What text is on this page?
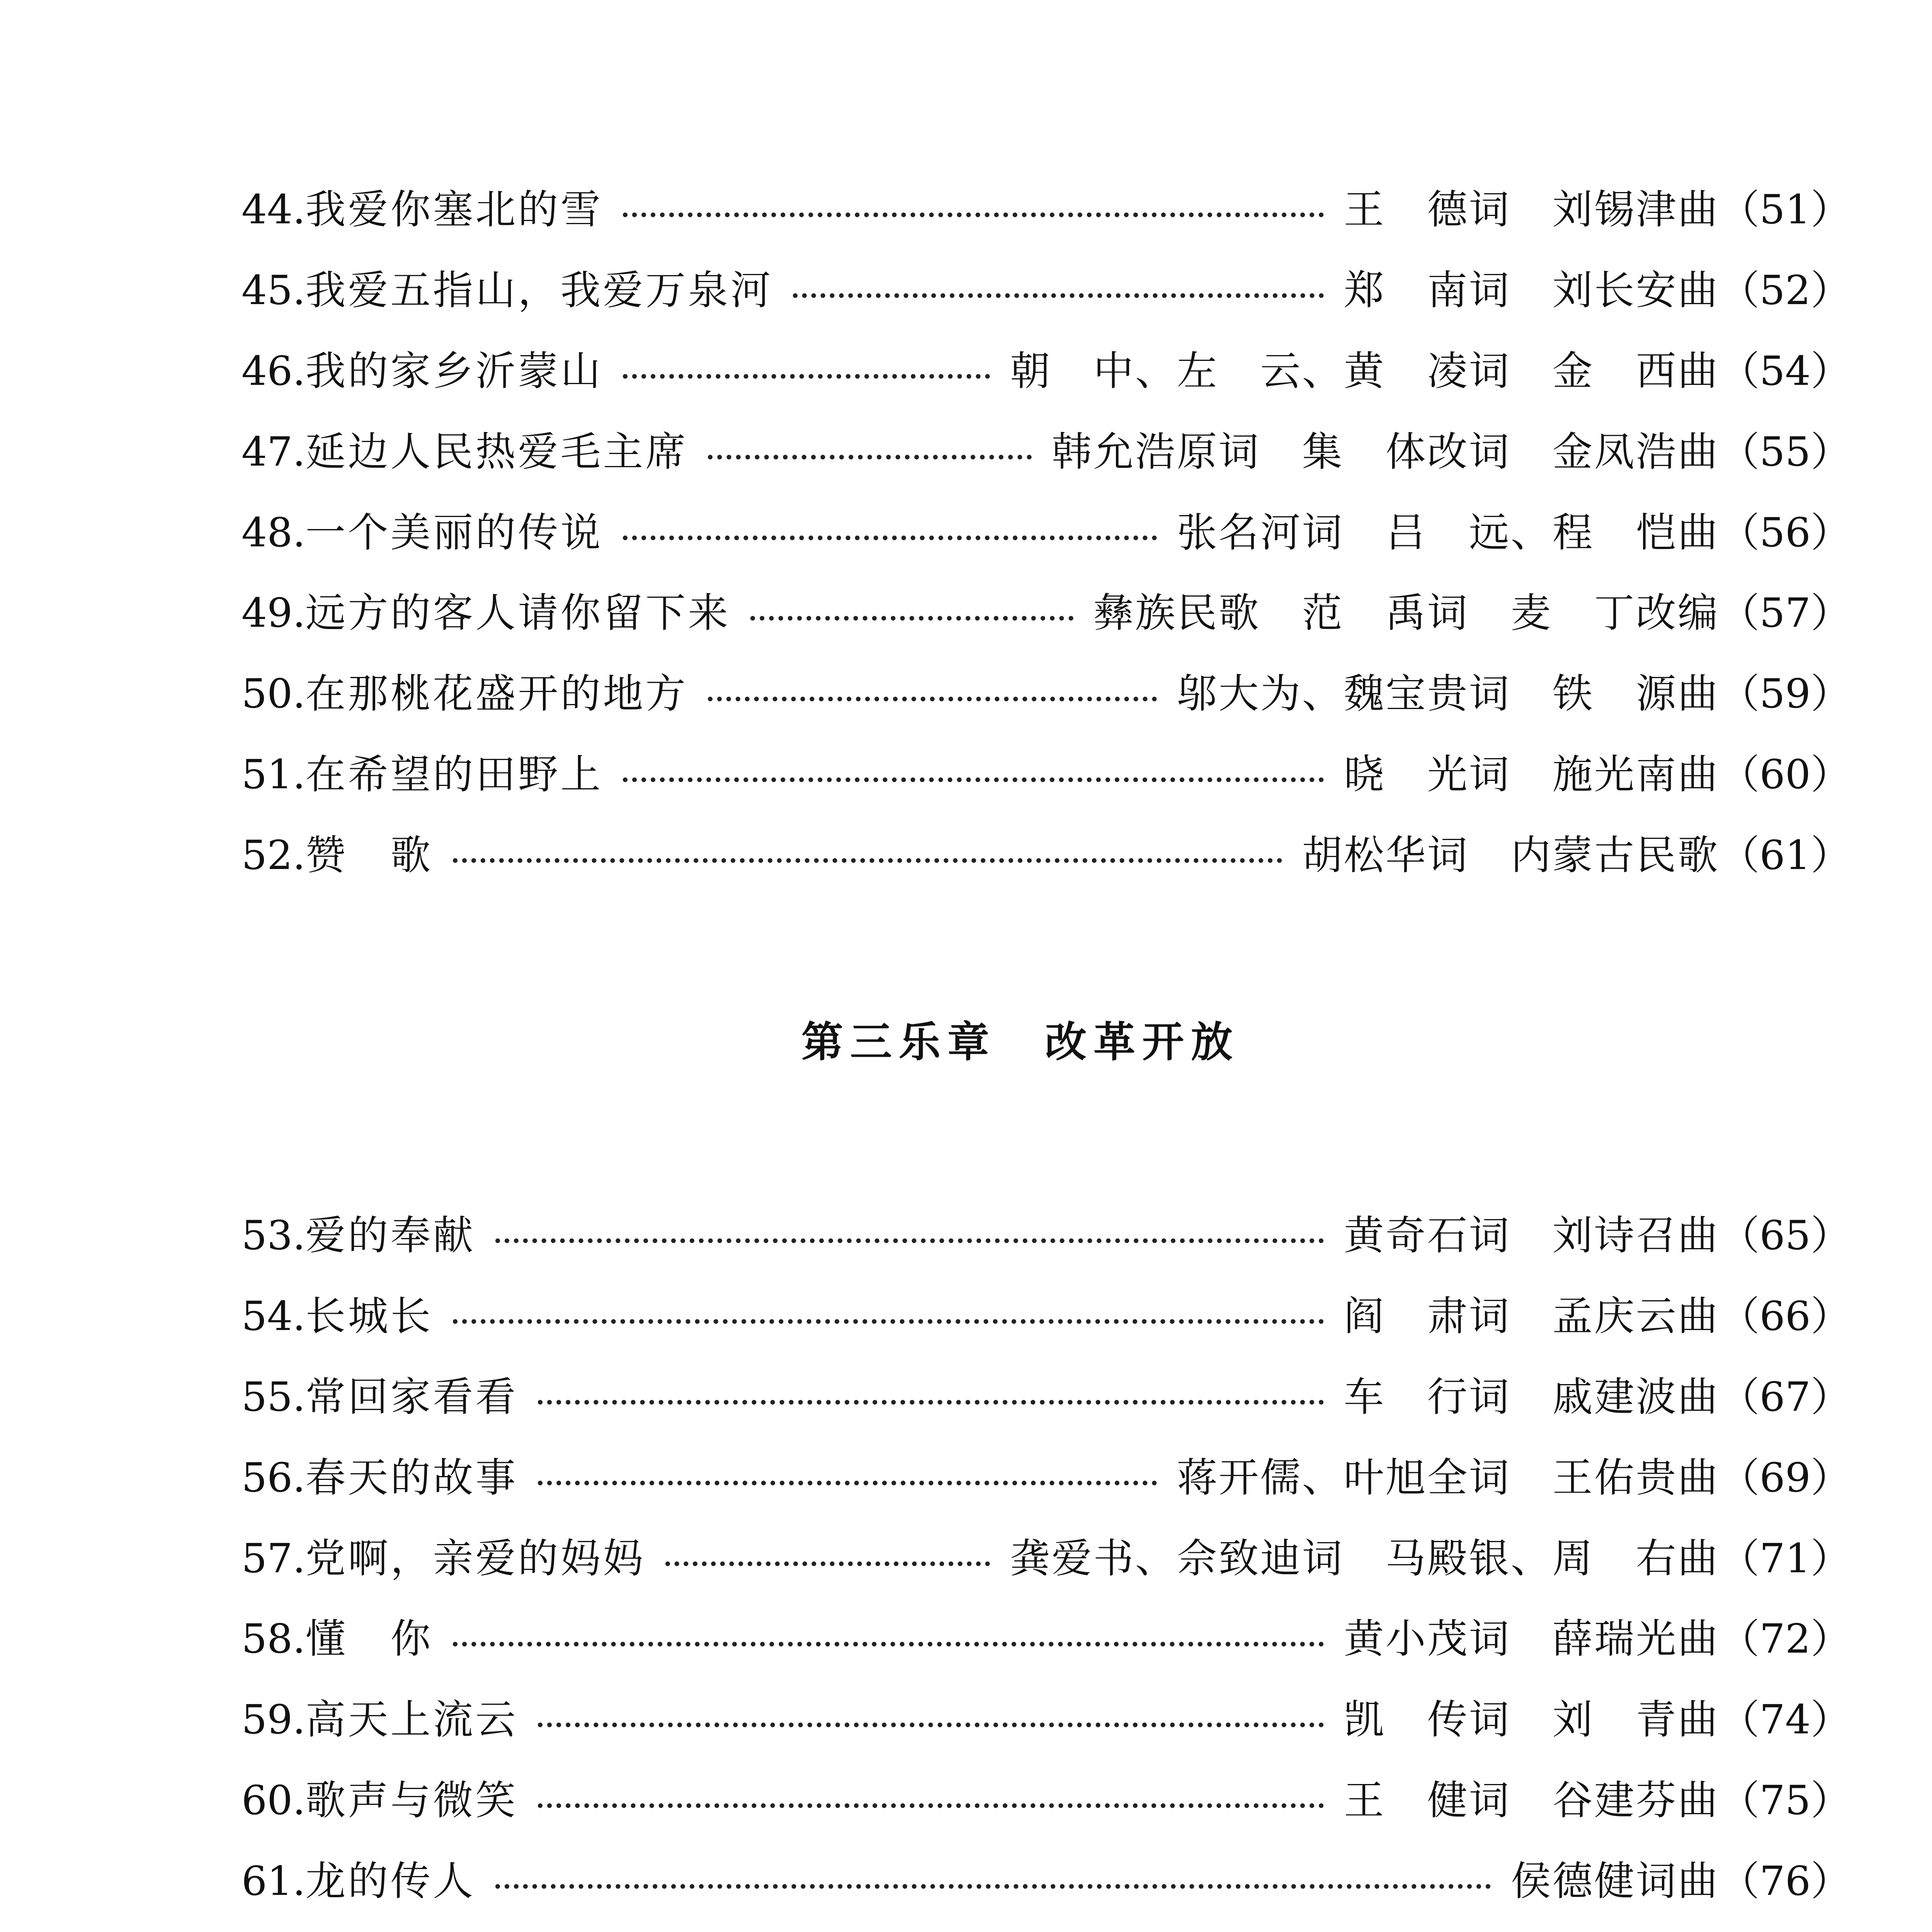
44. 我爱你塞北的雪	王　德词　刘锡津曲 （51）
45. 我爱五指山，我爱万泉河	郑　南词　刘长安曲 （52）
46. 我的家乡沂蒙山	朝　中、左　云、黄　凌词　金　西曲 （54）
47. 延边人民热爱毛主席	韩允浩原词　集　体改词　金凤浩曲 （55）
48. 一个美丽的传说	张名河词　吕　远、程　恺曲 （56）
49. 远方的客人请你留下来	彝族民歌　范　禹词　麦　丁改编 （57）
50. 在那桃花盛开的地方	邬大为、魏宝贵词　铁　源曲 （59）
51. 在希望的田野上	晓　光词　施光南曲 （60）
52. 赞　歌	胡松华词　内蒙古民歌 （61）
第三乐章　改革开放
53. 爱的奉献	黄奇石词　刘诗召曲 （65）
54. 长城长	阎　肃词　孟庆云曲 （66）
55. 常回家看看	车　行词　戚建波曲 （67）
56. 春天的故事	蒋开儒、叶旭全词　王佑贵曲 （69）
57. 党啊，亲爱的妈妈	龚爱书、佘致迪词　马殿银、周　右曲 （71）
58. 懂　你	黄小茂词　薛瑞光曲 （72）
59. 高天上流云	凯　传词　刘　青曲 （74）
60. 歌声与微笑	王　健词　谷建芬曲 （75）
61. 龙的传人	侯德健词曲 （76）
